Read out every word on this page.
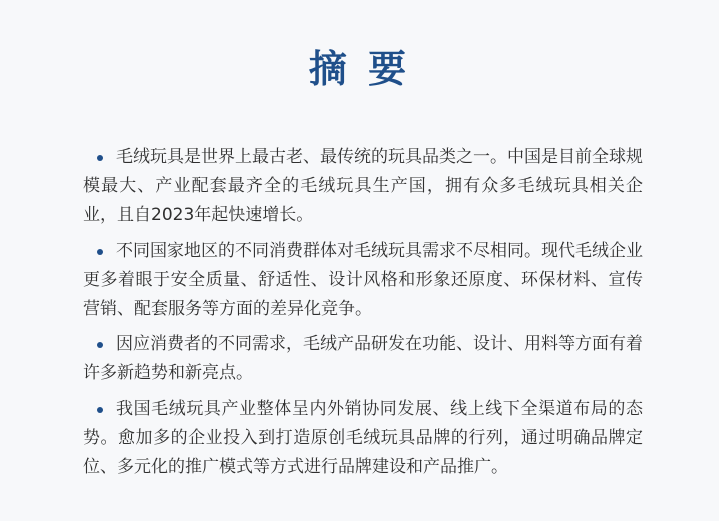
摘 要
毛绒玩具是世界上最古老、最传统的玩具品类之一。中国是目前全球规模最大、产业配套最齐全的毛绒玩具生产国，拥有众多毛绒玩具相关企业，且自2023年起快速增长。
不同国家地区的不同消费群体对毛绒玩具需求不尽相同。现代毛绒企业更多着眼于安全质量、舒适性、设计风格和形象还原度、环保材料、宣传营销、配套服务等方面的差异化竞争。
因应消费者的不同需求，毛绒产品研发在功能、设计、用料等方面有着许多新趋势和新亮点。
我国毛绒玩具产业整体呈内外销协同发展、线上线下全渠道布局的态势。愈加多的企业投入到打造原创毛绒玩具品牌的行列，通过明确品牌定位、多元化的推广模式等方式进行品牌建设和产品推广。
